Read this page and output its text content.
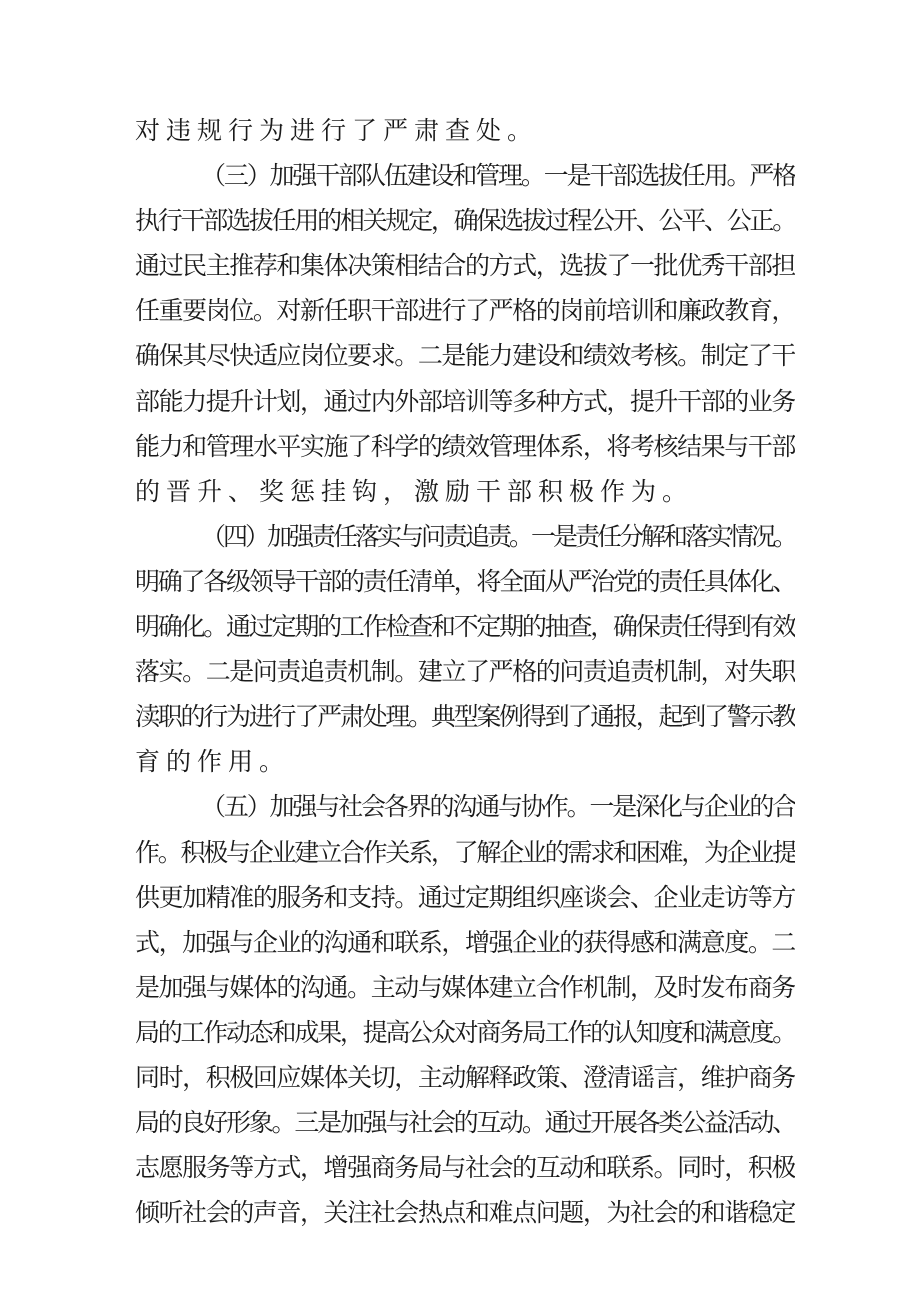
对违规行为进行了严肃查处。
（三）加强干部队伍建设和管理。一是干部选拔任用。严格
执行干部选拔任用的相关规定，确保选拔过程公开、公平、公正。
通过民主推荐和集体决策相结合的方式，选拔了一批优秀干部担
任重要岗位。对新任职干部进行了严格的岗前培训和廉政教育，
确保其尽快适应岗位要求。二是能力建设和绩效考核。制定了干
部能力提升计划，通过内外部培训等多种方式，提升干部的业务
能力和管理水平实施了科学的绩效管理体系，将考核结果与干部
的晋升、奖惩挂钩，激励干部积极作为。
（四）加强责任落实与问责追责。一是责任分解和落实情况。
明确了各级领导干部的责任清单，将全面从严治党的责任具体化、
明确化。通过定期的工作检查和不定期的抽查，确保责任得到有效
落实。二是问责追责机制。建立了严格的问责追责机制，对失职
渎职的行为进行了严肃处理。典型案例得到了通报，起到了警示教
育的作用。
（五）加强与社会各界的沟通与协作。一是深化与企业的合
作。积极与企业建立合作关系，了解企业的需求和困难，为企业提
供更加精准的服务和支持。通过定期组织座谈会、企业走访等方
式，加强与企业的沟通和联系，增强企业的获得感和满意度。二
是加强与媒体的沟通。主动与媒体建立合作机制，及时发布商务
局的工作动态和成果，提高公众对商务局工作的认知度和满意度。
同时，积极回应媒体关切，主动解释政策、澄清谣言，维护商务
局的良好形象。三是加强与社会的互动。通过开展各类公益活动、
志愿服务等方式，增强商务局与社会的互动和联系。同时，积极
倾听社会的声音，关注社会热点和难点问题，为社会的和谐稳定
